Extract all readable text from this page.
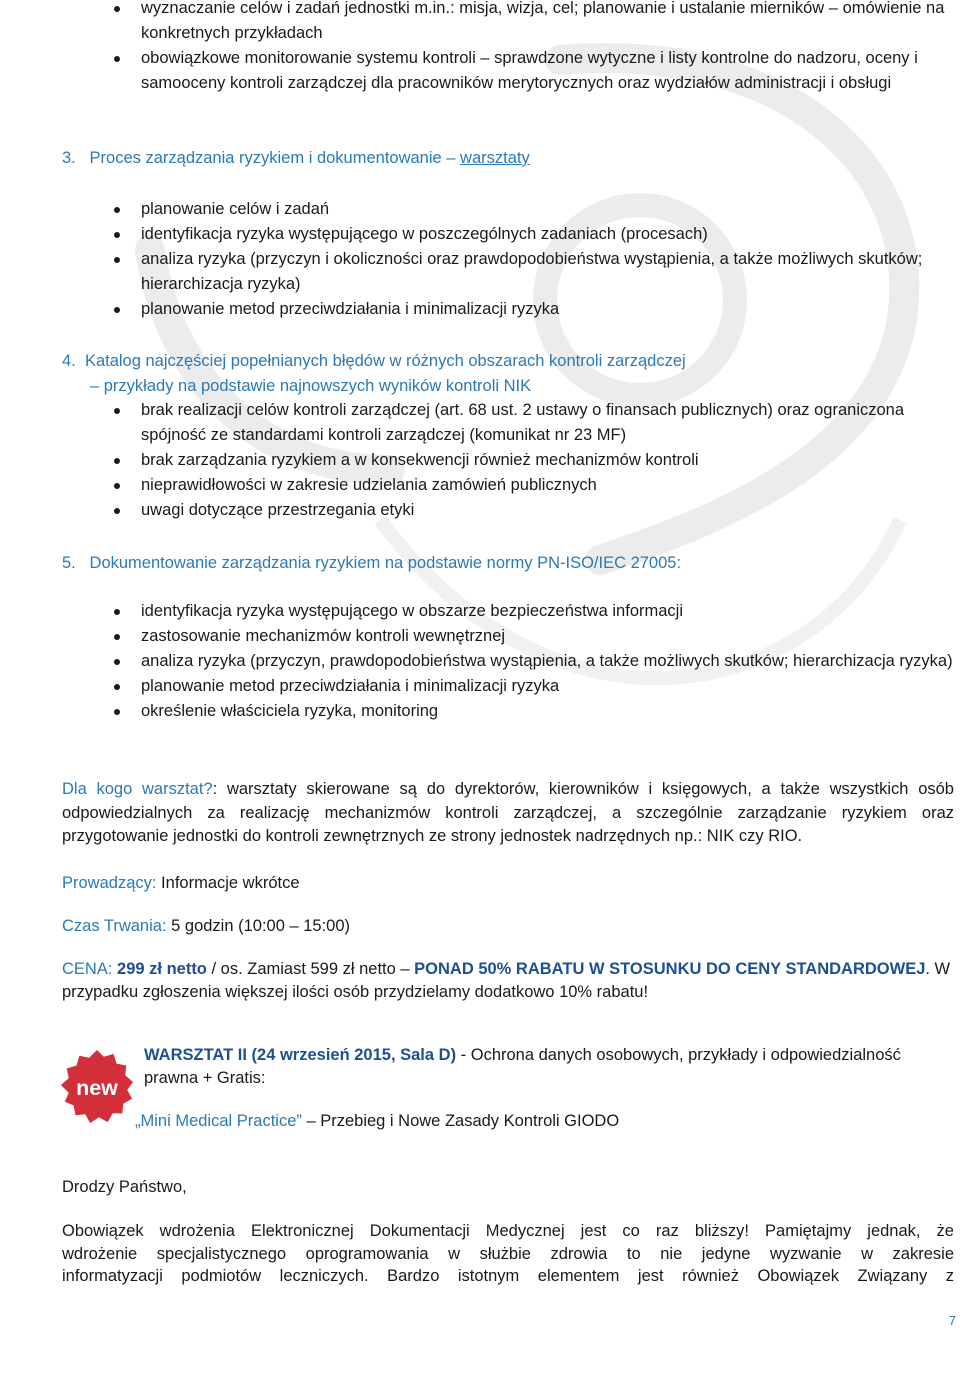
wyznaczanie celów i zadań jednostki m.in.: misja, wizja, cel; planowanie i ustalanie mierników – omówienie na konkretnych przykładach
obowiązkowe monitorowanie systemu kontroli – sprawdzone wytyczne i listy kontrolne do nadzoru, oceny i samooceny kontroli zarządczej dla pracowników merytorycznych oraz wydziałów administracji i obsługi
3. Proces zarządzania ryzykiem i dokumentowanie – warsztaty
planowanie celów i zadań
identyfikacja ryzyka występującego w poszczególnych zadaniach (procesach)
analiza ryzyka (przyczyn i okoliczności oraz prawdopodobieństwa wystąpienia, a także możliwych skutków; hierarchizacja ryzyka)
planowanie metod przeciwdziałania i minimalizacji ryzyka
4. Katalog najczęściej popełnianych błędów w różnych obszarach kontroli zarządczej
– przykłady na podstawie najnowszych wyników kontroli NIK
brak realizacji celów kontroli zarządczej (art. 68 ust. 2 ustawy o finansach publicznych) oraz ograniczona spójność ze standardami kontroli zarządczej (komunikat nr 23 MF)
brak zarządzania ryzykiem a w konsekwencji również mechanizmów kontroli
nieprawidłowości w zakresie udzielania zamówień publicznych
uwagi dotyczące przestrzegania etyki
5. Dokumentowanie zarządzania ryzykiem na podstawie normy PN-ISO/IEC 27005:
identyfikacja ryzyka występującego w obszarze bezpieczeństwa informacji
zastosowanie mechanizmów kontroli wewnętrznej
analiza ryzyka (przyczyn, prawdopodobieństwa wystąpienia, a także możliwych skutków; hierarchizacja ryzyka)
planowanie metod przeciwdziałania i minimalizacji ryzyka
określenie właściciela ryzyka, monitoring
Dla kogo warsztat?: warsztaty skierowane są do dyrektorów, kierowników i księgowych, a także wszystkich osób odpowiedzialnych za realizację mechanizmów kontroli zarządczej, a szczególnie zarządzanie ryzykiem oraz przygotowanie jednostki do kontroli zewnętrznych ze strony jednostek nadrzędnych np.: NIK czy RIO.
Prowadzący: Informacje wkrótce
Czas Trwania: 5 godzin (10:00 – 15:00)
CENA: 299 zł netto / os. Zamiast 599 zł netto – PONAD 50% RABATU W STOSUNKU DO CENY STANDARDOWEJ. W przypadku zgłoszenia większej ilości osób przydzielamy dodatkowo 10% rabatu!
new
WARSZTAT II (24 wrzesień 2015, Sala D) - Ochrona danych osobowych, przykłady i odpowiedzialność prawna + Gratis:
„Mini Medical Practice” – Przebieg i Nowe Zasady Kontroli GIODO
Drodzy Państwo,
Obowiązek wdrożenia Elektronicznej Dokumentacji Medycznej jest co raz bliższy! Pamiętajmy jednak, że
wdrożenie specjalistycznego oprogramowania w służbie zdrowia to nie jedyne wyzwanie w zakresie
informatyzacji podmiotów leczniczych. Bardzo istotnym elementem jest również Obowiązek Związany z
7
